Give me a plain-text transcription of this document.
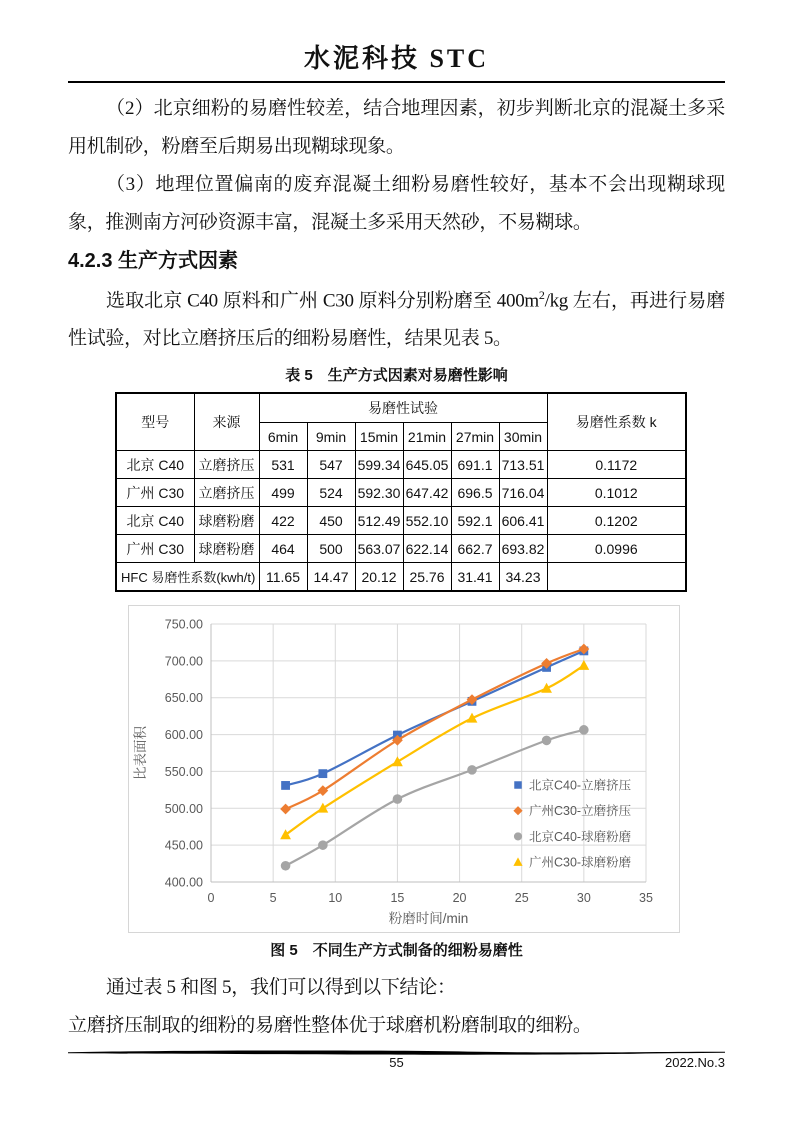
水泥科技 STC

（2）北京细粉的易磨性较差，结合地理因素，初步判断北京的混凝土多采用机制砂，粉磨至后期易出现糊球现象。

（3）地理位置偏南的废弃混凝土细粉易磨性较好，基本不会出现糊球现象，推测南方河砂资源丰富，混凝土多采用天然砂，不易糊球。

4.2.3 生产方式因素

选取北京 C40 原料和广州 C30 原料分别粉磨至 $400m^2/kg$ 左右，再进行易磨性试验，对比立磨挤压后的细粉易磨性，结果见表 5。

表 5　生产方式因素对易磨性影响
型号	来源	易磨性试验						易磨性系数 k
		6min	9min	15min	21min	27min	30min	
北京 C40	立磨挤压	531	547	599.34	645.05	691.1	713.51	0.1172
广州 C30	立磨挤压	499	524	592.30	647.42	696.5	716.04	0.1012
北京 C40	球磨粉磨	422	450	512.49	552.10	592.1	606.41	0.1202
广州 C30	球磨粉磨	464	500	563.07	622.14	662.7	693.82	0.0996
HFC 易磨性系数(kwh/t)		11.65	14.47	20.12	25.76	31.41	34.23	
400.00
450.00
500.00
550.00
600.00
650.00
700.00
750.00
0	5	10	15	20	25	30	35
粉磨时间/min
比表面积
北京C40-立磨挤压
广州C30-立磨挤压
北京C40-球磨粉磨
广州C30-球磨粉磨
图 5　不同生产方式制备的细粉易磨性

通过表 5 和图 5，我们可以得到以下结论：

立磨挤压制取的细粉的易磨性整体优于球磨机粉磨制取的细粉。

55	2022.No.3
